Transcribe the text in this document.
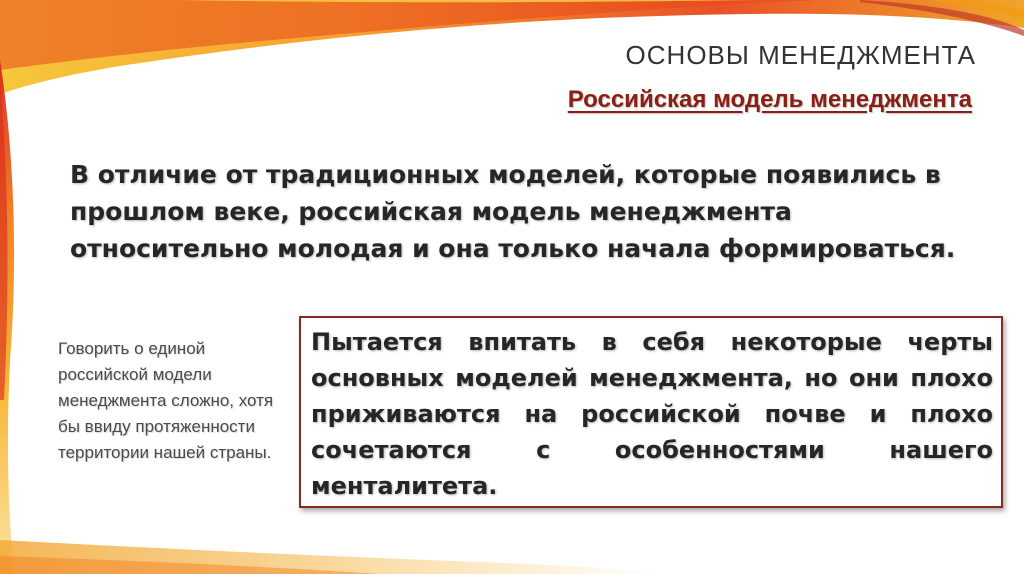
ОСНОВЫ МЕНЕДЖМЕНТА
Российская модель менеджмента

В отличие от традиционных моделей, которые появились в прошлом веке, российская модель менеджмента относительно молодая и она только начала формироваться.

Говорить о единой российской модели менеджмента сложно, хотя бы ввиду протяженности территории нашей страны.

Пытается впитать в себя некоторые черты основных моделей менеджмента, но они плохо приживаются на российской почве и плохо сочетаются с особенностями нашего менталитета.
